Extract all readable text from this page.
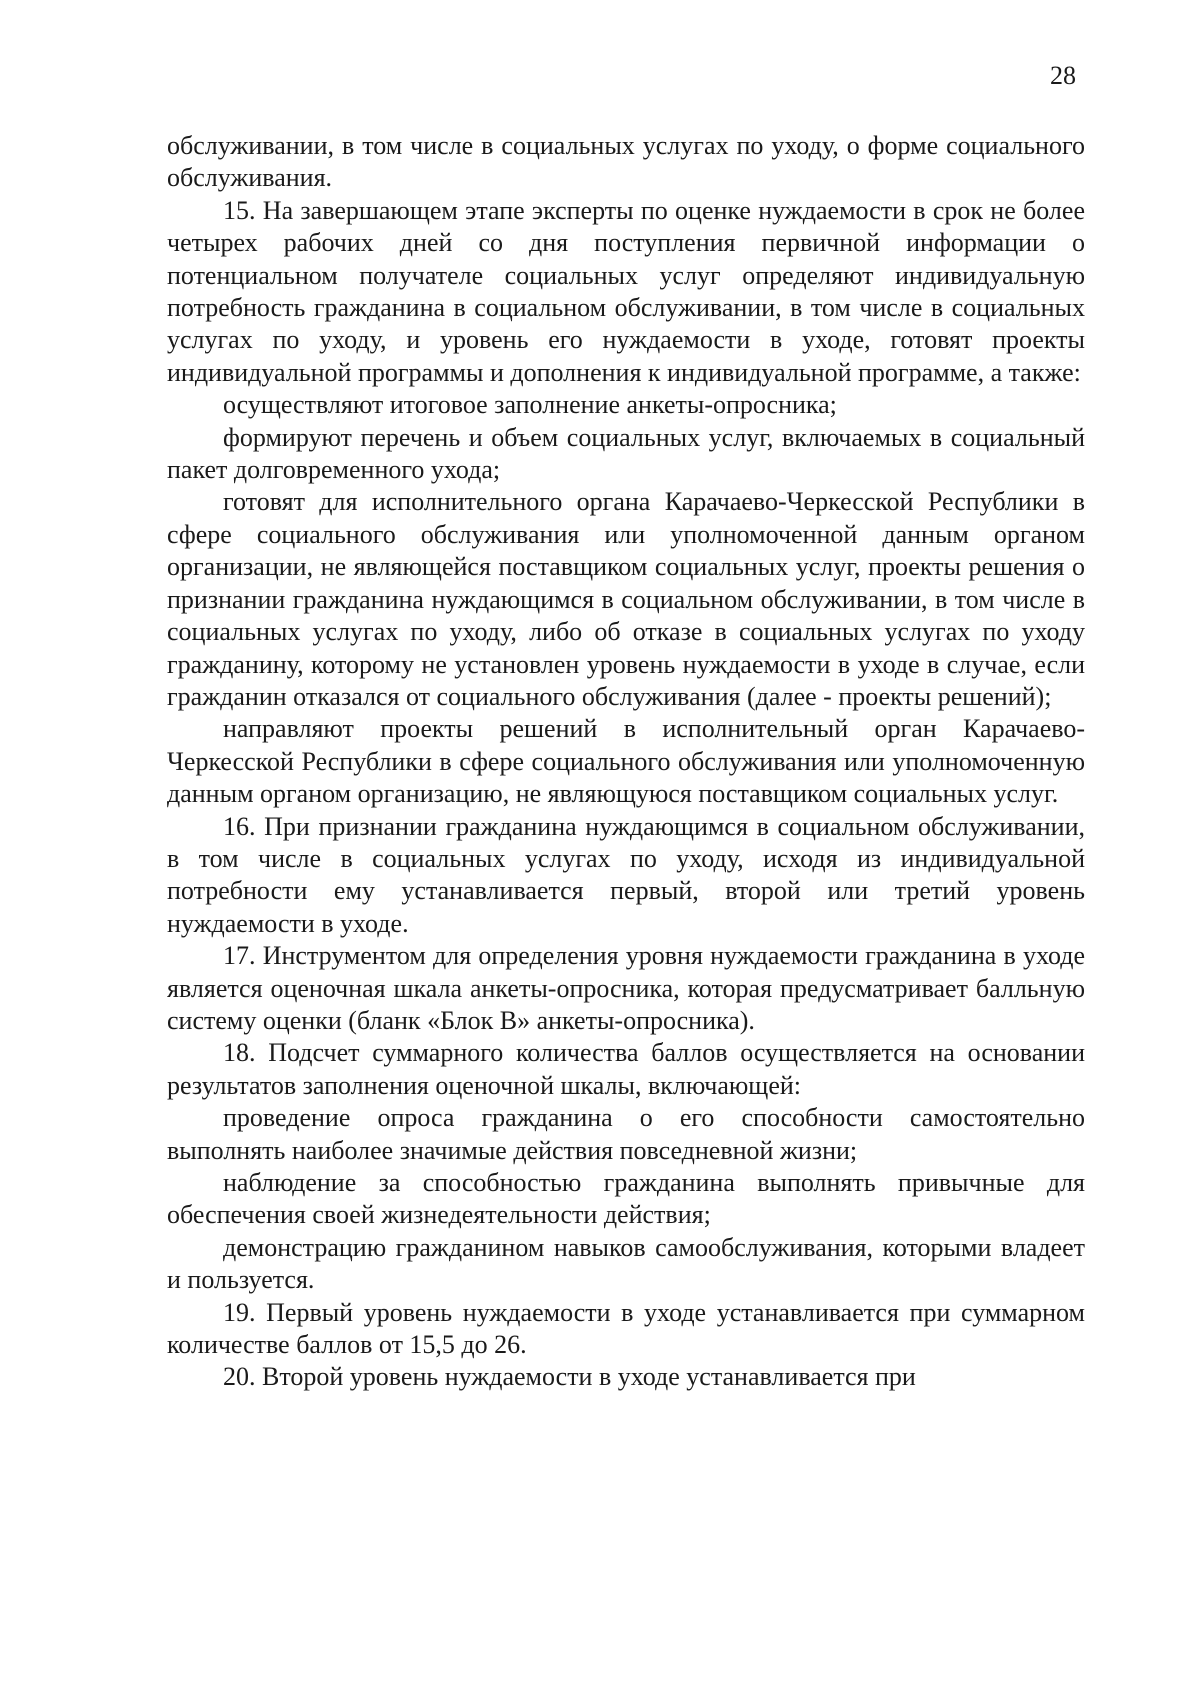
28

обслуживании, в том числе в социальных услугах по уходу, о форме социального обслуживания.

15. На завершающем этапе эксперты по оценке нуждаемости в срок не более четырех рабочих дней со дня поступления первичной информации о потенциальном получателе социальных услуг определяют индивидуальную потребность гражданина в социальном обслуживании, в том числе в социальных услугах по уходу, и уровень его нуждаемости в уходе, готовят проекты индивидуальной программы и дополнения к индивидуальной программе, а также:

осуществляют итоговое заполнение анкеты-опросника;

формируют перечень и объем социальных услуг, включаемых в социальный пакет долговременного ухода;

готовят для исполнительного органа Карачаево-Черкесской Республики в сфере социального обслуживания или уполномоченной данным органом организации, не являющейся поставщиком социальных услуг, проекты решения о признании гражданина нуждающимся в социальном обслуживании, в том числе в социальных услугах по уходу, либо об отказе в социальных услугах по уходу гражданину, которому не установлен уровень нуждаемости в уходе в случае, если гражданин отказался от социального обслуживания (далее - проекты решений);

направляют проекты решений в исполнительный орган Карачаево-Черкесской Республики в сфере социального обслуживания или уполномоченную данным органом организацию, не являющуюся поставщиком социальных услуг.

16. При признании гражданина нуждающимся в социальном обслуживании, в том числе в социальных услугах по уходу, исходя из индивидуальной потребности ему устанавливается первый, второй или третий уровень нуждаемости в уходе.

17. Инструментом для определения уровня нуждаемости гражданина в уходе является оценочная шкала анкеты-опросника, которая предусматривает балльную систему оценки (бланк «Блок В» анкеты-опросника).

18. Подсчет суммарного количества баллов осуществляется на основании результатов заполнения оценочной шкалы, включающей:

проведение опроса гражданина о его способности самостоятельно выполнять наиболее значимые действия повседневной жизни;

наблюдение за способностью гражданина выполнять привычные для обеспечения своей жизнедеятельности действия;

демонстрацию гражданином навыков самообслуживания, которыми владеет и пользуется.

19. Первый уровень нуждаемости в уходе устанавливается при суммарном количестве баллов от 15,5 до 26.

20. Второй уровень нуждаемости в уходе устанавливается при
